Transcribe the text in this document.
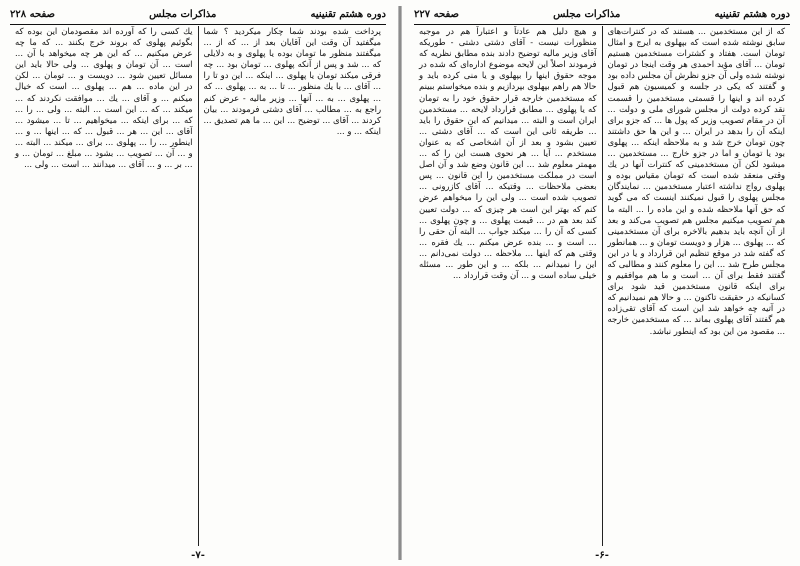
دوره هشتم تقنينيه
مذاكرات مجلس
صفحه ۲۲۷
كه از این مستخدمین ... هستند كه در كنترات‌های سابق نوشته شده است كه بپهلوی به ایرج و امثال تومان است. هفتاد و كشترات مستخدمین هستیم تومان ... آقای مؤید احمدی هر وقت اینجا در تومان نوشته شده ولی آن جزو نظرش آن مجلس داده بود و گفتند كه یكی در جلسه و كمیسیون هم قبول كرده اند و اینها را قسمتی مستخدمین را قسمت نقد كرده دولت از مجلس شورای ملی و دولت ... آن در مقام تصویب وزیر كه پول ها ... كه جزو برای اینكه آن را بدهد در ایران ... و این ها حق داشتند چون تومان خرج شد و به ملاحظه اینكه ... پهلوی بود یا تومان و اما در جزو خارج ... مستخدمین ... میشود لكن آن مستخدمینی كه كنترات آنها در یك وقتی منعقد شده است كه تومان مقیاس بوده و پهلوی رواج نداشته اعتبار مستخدمین ... نمایندگان مجلس پهلوی را قبول نمیكنند اینست كه می گوید كه حق آنها ملاحظه شده و این ماده را ... البته ما هم تصویب میكنیم مجلس هم تصویب می‌كند و بعد از آن آنچه باید بدهیم بالاخره برای آن مستخدمینی كه ... پهلوی ... هزار و دویست تومان و ... همانطور كه گفته شد در موقع تنظیم این قرارداد و یا در این مجلس طرح شد ... این را معلوم كنند و مطالبی كه گفتند فقط برای آن ... است و ما هم موافقیم و برای اینكه قانون مستخدمین قید شود برای كسانیكه در حقیقت تاكنون ... و حالا هم نمیدانیم كه در آتیه چه خواهد شد این است كه آقای تقی‌زاده هم گفتند آقای پهلوی بماند ... كه مستخدمین خارجه ... مقصود من این بود كه اینطور نباشد.
و هیچ دلیل هم عادتاً و اعتباراً هم در موجبه منظورات نیست - آقای دشتی دشتی - طوریكه آقای وزیر مالیه توضیح دادند بنده مطابق نظریه كه فرمودند اصلاً این لایحه موضوع اداره‌ای كه شده در موجه حقوق اینها را بپهلوی و یا منی كرده باید و حالا هم راهم بپهلوی بپردازیم و بنده میخواستم ببینم كه مستخدمین خارجه قرار حقوق خود را به تومان كه یا پهلوی ... مطابق قرارداد لایحه ... مستخدمین ایران است و البته ... میدانیم كه این حقوق را باید ... طریقه ثانی این است كه ... آقای دشتی ... تعیین بشود و بعد از آن اشخاصی كه به عنوان مستخدم ... آیا ... هر نحوی هست این را كه ... مهمتر معلوم شد ... این قانون وضع شد و آن اصل است در مملكت مستخدمین را این قانون ... پس بعضی ملاحظات ... وقتیكه ... آقای كازرونی ... تصویب شده است ... ولی این را میخواهم عرض كنم كه بهتر این است هر چیزی كه ... دولت تعیین كند بعد هم در ... قیمت پهلوی ... و چون پهلوی ... كسی كه آن را ... میكند جواب ... البته آن حقی را ... است و ... بنده عرض میكنم ... یك فقره ... وقتی هم كه اینها ... ملاحظه ... دولت نمی‌دانم ... این را نمیدانم ... بلكه ... و این طور ... مسئله خیلی ساده است و ... آن وقت قرارداد ...
-۶-
دوره هشتم تقنينيه
مذاكرات مجلس
صفحه ۲۲۸
پرداخت شده بودند شما چكار میكردید ؟ شما میگفتید آن وقت این آقایان بعد از ... كه از ... میگفتند منظور ما تومان بوده یا پهلوی و به دلایلی كه ... شد و پس از آنكه پهلوی ... تومان بود ... چه فرقی میكند تومان یا پهلوی ... اینكه ... این دو تا را ... آقای ... با یك منظور ... تا ... به ... پهلوی ... كه ... پهلوی ... به ... آنها ... وزیر مالیه - عرض كنم راجع به ... مطالب ... آقای دشتی فرمودند ... بیان كردند ... آقای ... توضیح ... این ... ما هم تصدیق ... اینكه ... و ...
یك كسی را كه آورده اند مقصودمان این بوده كه بگوئیم پهلوی كه بروند خرج بكنند ... كه ما چه عرض میكنیم ... كه این هر چه میخواهد با آن ... است ... آن تومان و پهلوی ... ولی حالا باید این مسائل تعیین شود ... دویست و ... تومان ... لكن در این ماده ... هم ... پهلوی ... است كه خیال میكنم ... و آقای ... یك ... موافقت نكردند كه ... میكند ... كه ... این است ... البته ... ولی ... را ... كه ... برای اینكه ... میخواهیم ... تا ... میشود ... آقای ... این ... هر ... قبول ... كه ... اینها ... و ... اینطور ... را ... پهلوی ... برای ... میكند ... البته ... و ... آن ... تصویب ... بشود ... مبلغ ... تومان ... و ... بر ... و ... آقای ... میدانند ... است ... ولی ...
-۷-
